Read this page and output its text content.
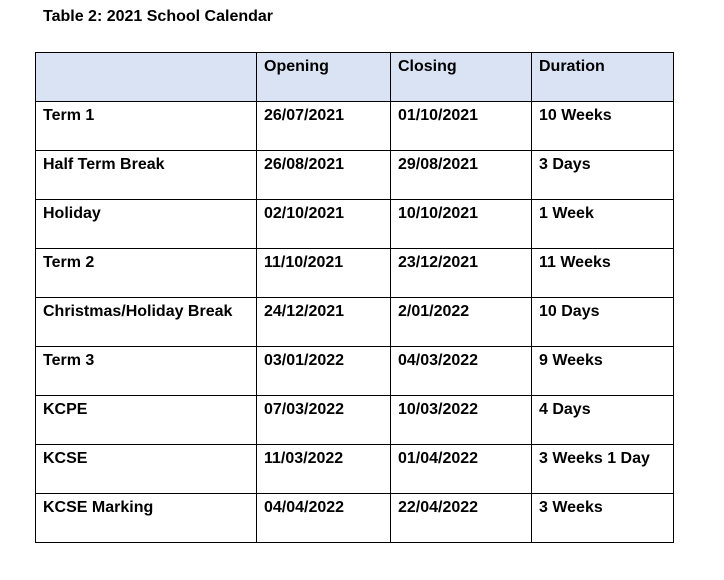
Table 2: 2021 School Calendar
	Opening	Closing	Duration
Term 1	26/07/2021	01/10/2021	10 Weeks
Half Term Break	26/08/2021	29/08/2021	3 Days
Holiday	02/10/2021	10/10/2021	1 Week
Term 2	11/10/2021	23/12/2021	11 Weeks
Christmas/Holiday Break	24/12/2021	2/01/2022	10 Days
Term 3	03/01/2022	04/03/2022	9 Weeks
KCPE	07/03/2022	10/03/2022	4 Days
KCSE	11/03/2022	01/04/2022	3 Weeks 1 Day
KCSE Marking	04/04/2022	22/04/2022	3 Weeks
